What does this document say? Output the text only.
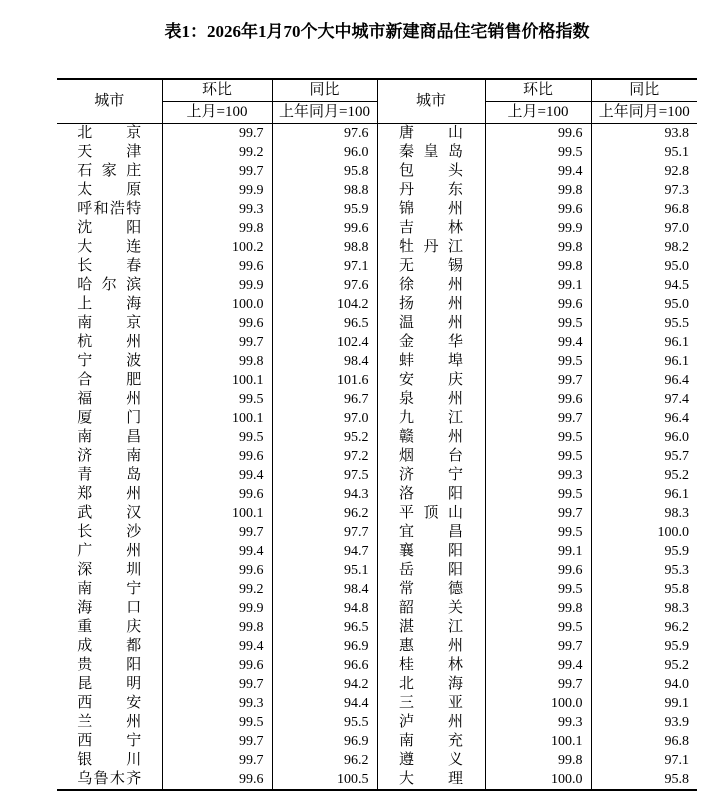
表1：2026年1月70个大中城市新建商品住宅销售价格指数
城市	环比	同比	城市	环比	同比
	上月=100	上年同月=100		上月=100	上年同月=100

北京	99.7	97.6	唐山	99.6	93.8

天津	99.2	96.0	秦皇岛	99.5	95.1

石家庄	99.7	95.8	包头	99.4	92.8

太原	99.9	98.8	丹东	99.8	97.3

呼和浩特	99.3	95.9	锦州	99.6	96.8

沈阳	99.8	99.6	吉林	99.9	97.0

大连	100.2	98.8	牡丹江	99.8	98.2

长春	99.6	97.1	无锡	99.8	95.0

哈尔滨	99.9	97.6	徐州	99.1	94.5

上海	100.0	104.2	扬州	99.6	95.0

南京	99.6	96.5	温州	99.5	95.5

杭州	99.7	102.4	金华	99.4	96.1

宁波	99.8	98.4	蚌埠	99.5	96.1

合肥	100.1	101.6	安庆	99.7	96.4

福州	99.5	96.7	泉州	99.6	97.4

厦门	100.1	97.0	九江	99.7	96.4

南昌	99.5	95.2	赣州	99.5	96.0

济南	99.6	97.2	烟台	99.5	95.7

青岛	99.4	97.5	济宁	99.3	95.2

郑州	99.6	94.3	洛阳	99.5	96.1

武汉	100.1	96.2	平顶山	99.7	98.3

长沙	99.7	97.7	宜昌	99.5	100.0

广州	99.4	94.7	襄阳	99.1	95.9

深圳	99.6	95.1	岳阳	99.6	95.3

南宁	99.2	98.4	常德	99.5	95.8

海口	99.9	94.8	韶关	99.8	98.3

重庆	99.8	96.5	湛江	99.5	96.2

成都	99.4	96.9	惠州	99.7	95.9

贵阳	99.6	96.6	桂林	99.4	95.2

昆明	99.7	94.2	北海	99.7	94.0

西安	99.3	94.4	三亚	100.0	99.1

兰州	99.5	95.5	泸州	99.3	93.9

西宁	99.7	96.9	南充	100.1	96.8

银川	99.7	96.2	遵义	99.8	97.1

乌鲁木齐	99.6	100.5	大理	100.0	95.8
